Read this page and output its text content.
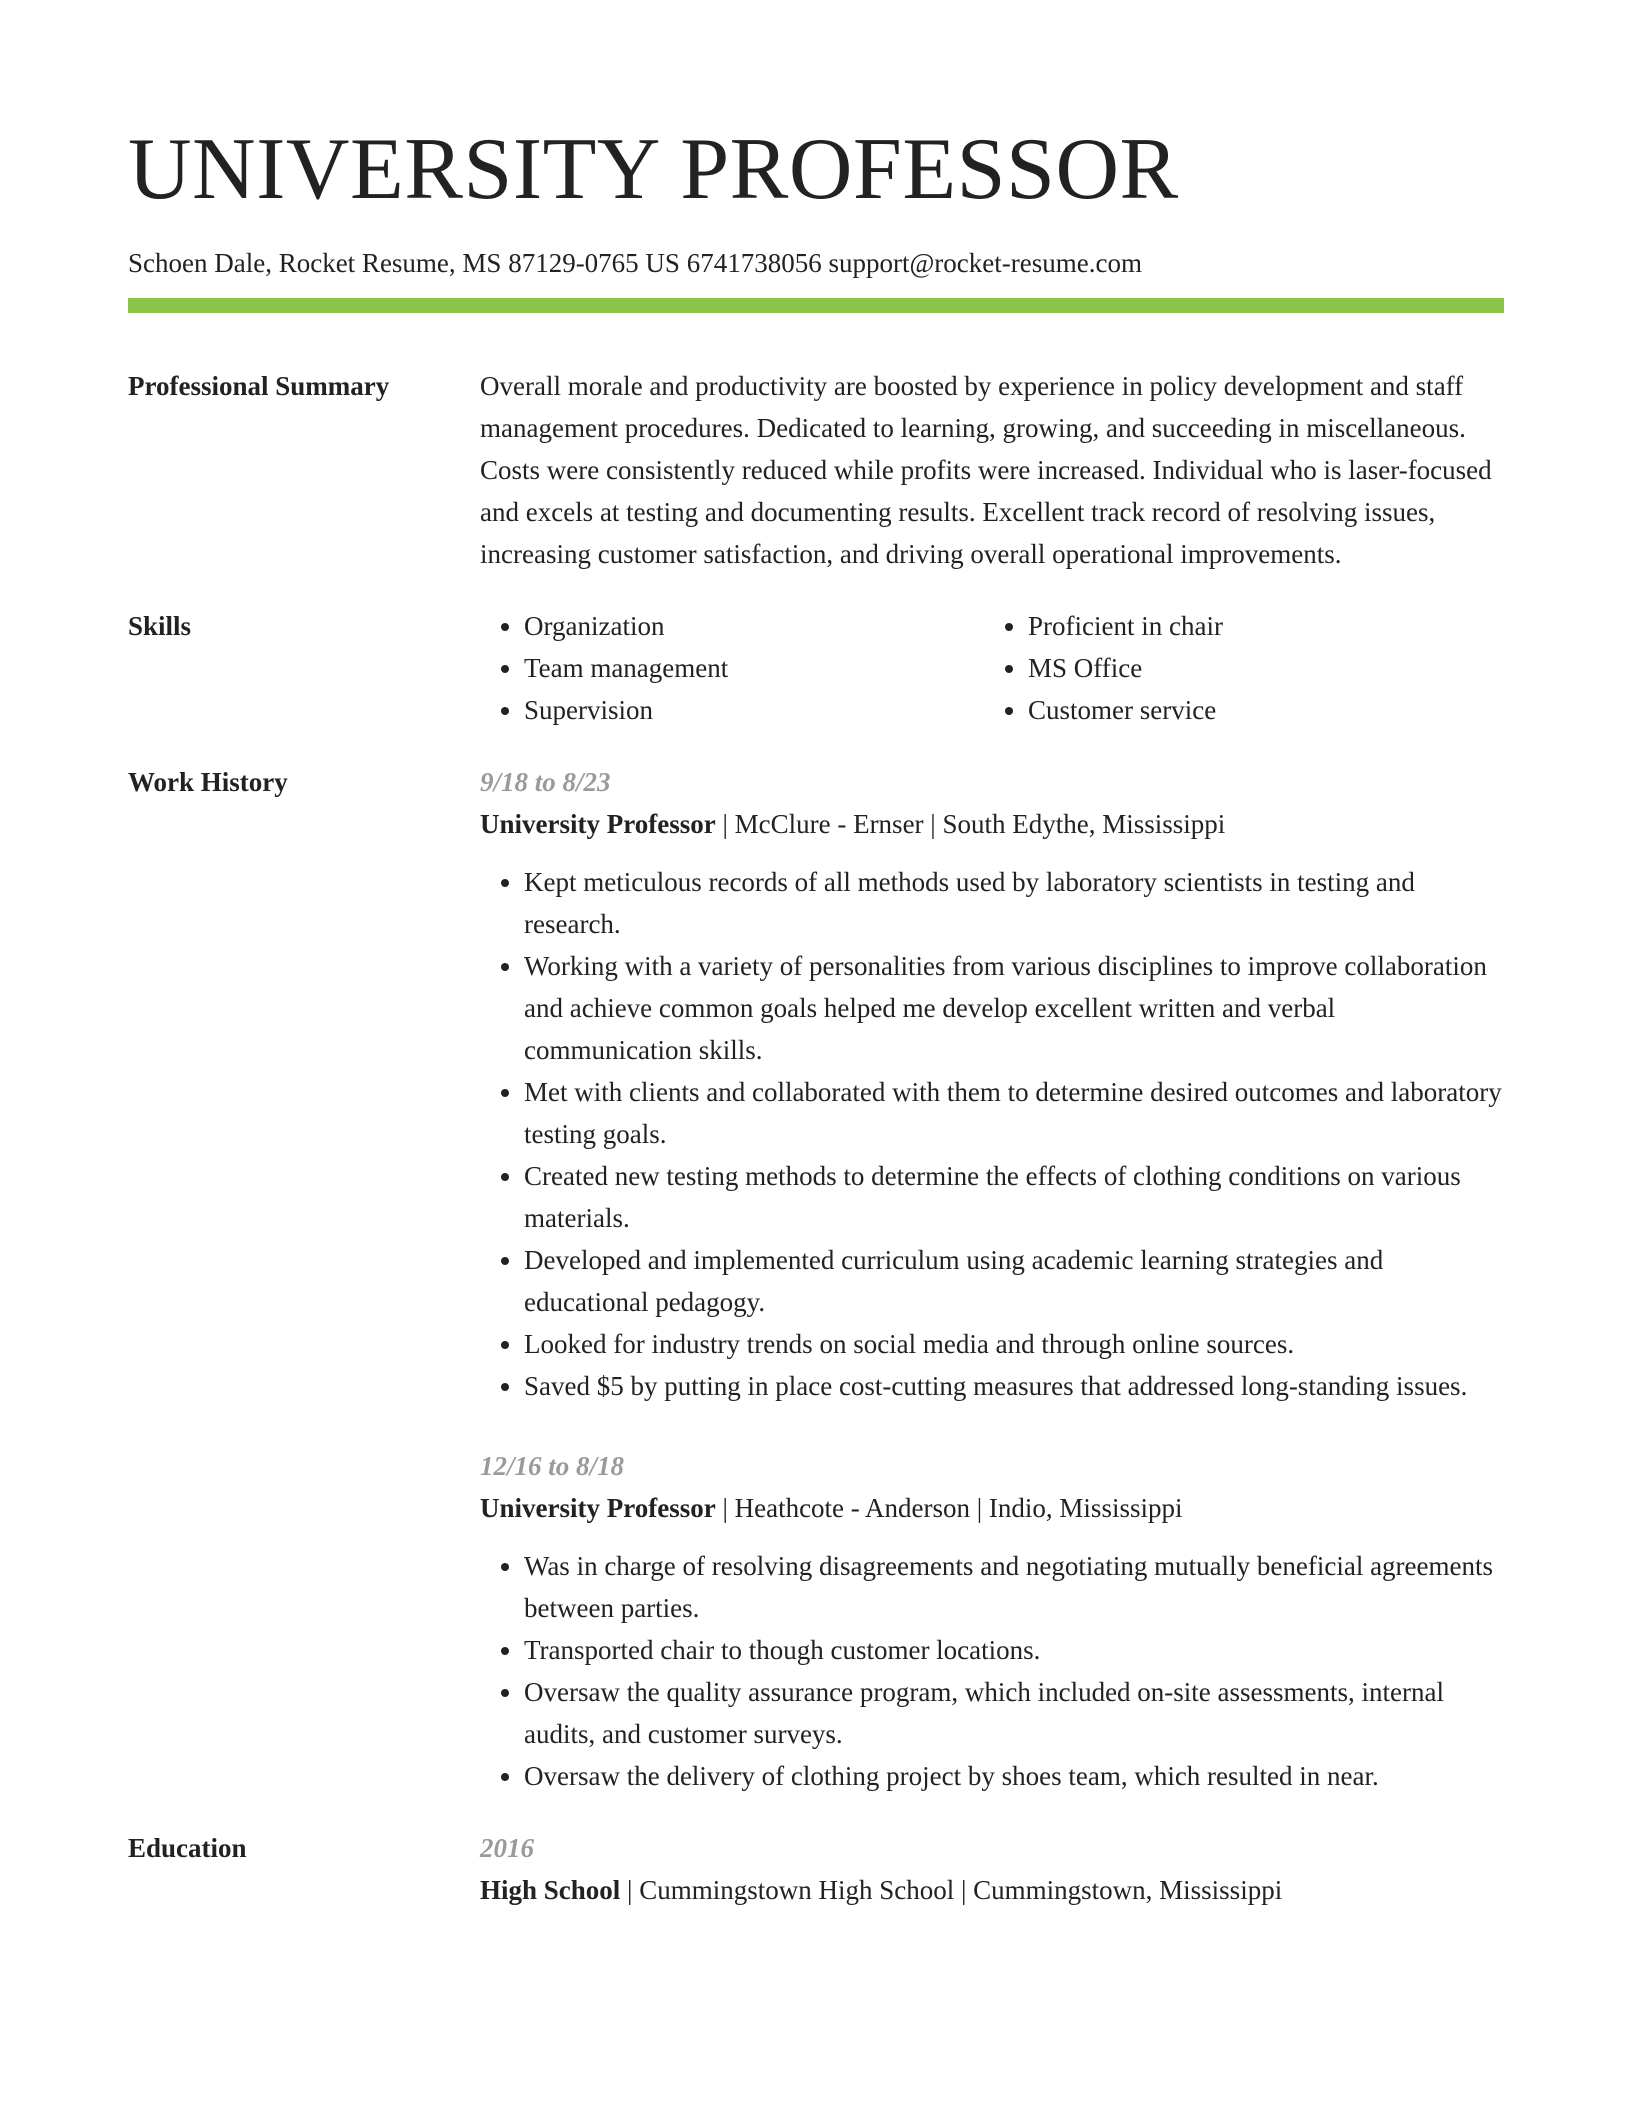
UNIVERSITY PROFESSOR
Schoen Dale, Rocket Resume, MS 87129-0765 US 6741738056 support@rocket-resume.com
Professional Summary	Overall morale and productivity are boosted by experience in policy development and staff management procedures. Dedicated to learning, growing, and succeeding in miscellaneous. Costs were consistently reduced while profits were increased. Individual who is laser-focused and excels at testing and documenting results. Excellent track record of resolving issues, increasing customer satisfaction, and driving overall operational improvements.

Skills
•	Organization
• Team management
• Supervision
• Proficient in chair
• MS Office
• Customer service
Work History	9/18 to 8/23
University Professor | McClure - Ernser | South Edythe, Mississippi
• Kept meticulous records of all methods used by laboratory scientists in testing and research.
• Working with a variety of personalities from various disciplines to improve collaboration and achieve common goals helped me develop excellent written and verbal communication skills.
• Met with clients and collaborated with them to determine desired outcomes and laboratory testing goals.
• Created new testing methods to determine the effects of clothing conditions on various materials.
• Developed and implemented curriculum using academic learning strategies and educational pedagogy.
• Looked for industry trends on social media and through online sources.
• Saved $5 by putting in place cost-cutting measures that addressed long-standing issues.
12/16 to 8/18
University Professor | Heathcote - Anderson | Indio, Mississippi
• Was in charge of resolving disagreements and negotiating mutually beneficial agreements between parties.
• Transported chair to though customer locations.
• Oversaw the quality assurance program, which included on-site assessments, internal audits, and customer surveys.
• Oversaw the delivery of clothing project by shoes team, which resulted in near.
Education	2016
High School | Cummingstown High School | Cummingstown, Mississippi
